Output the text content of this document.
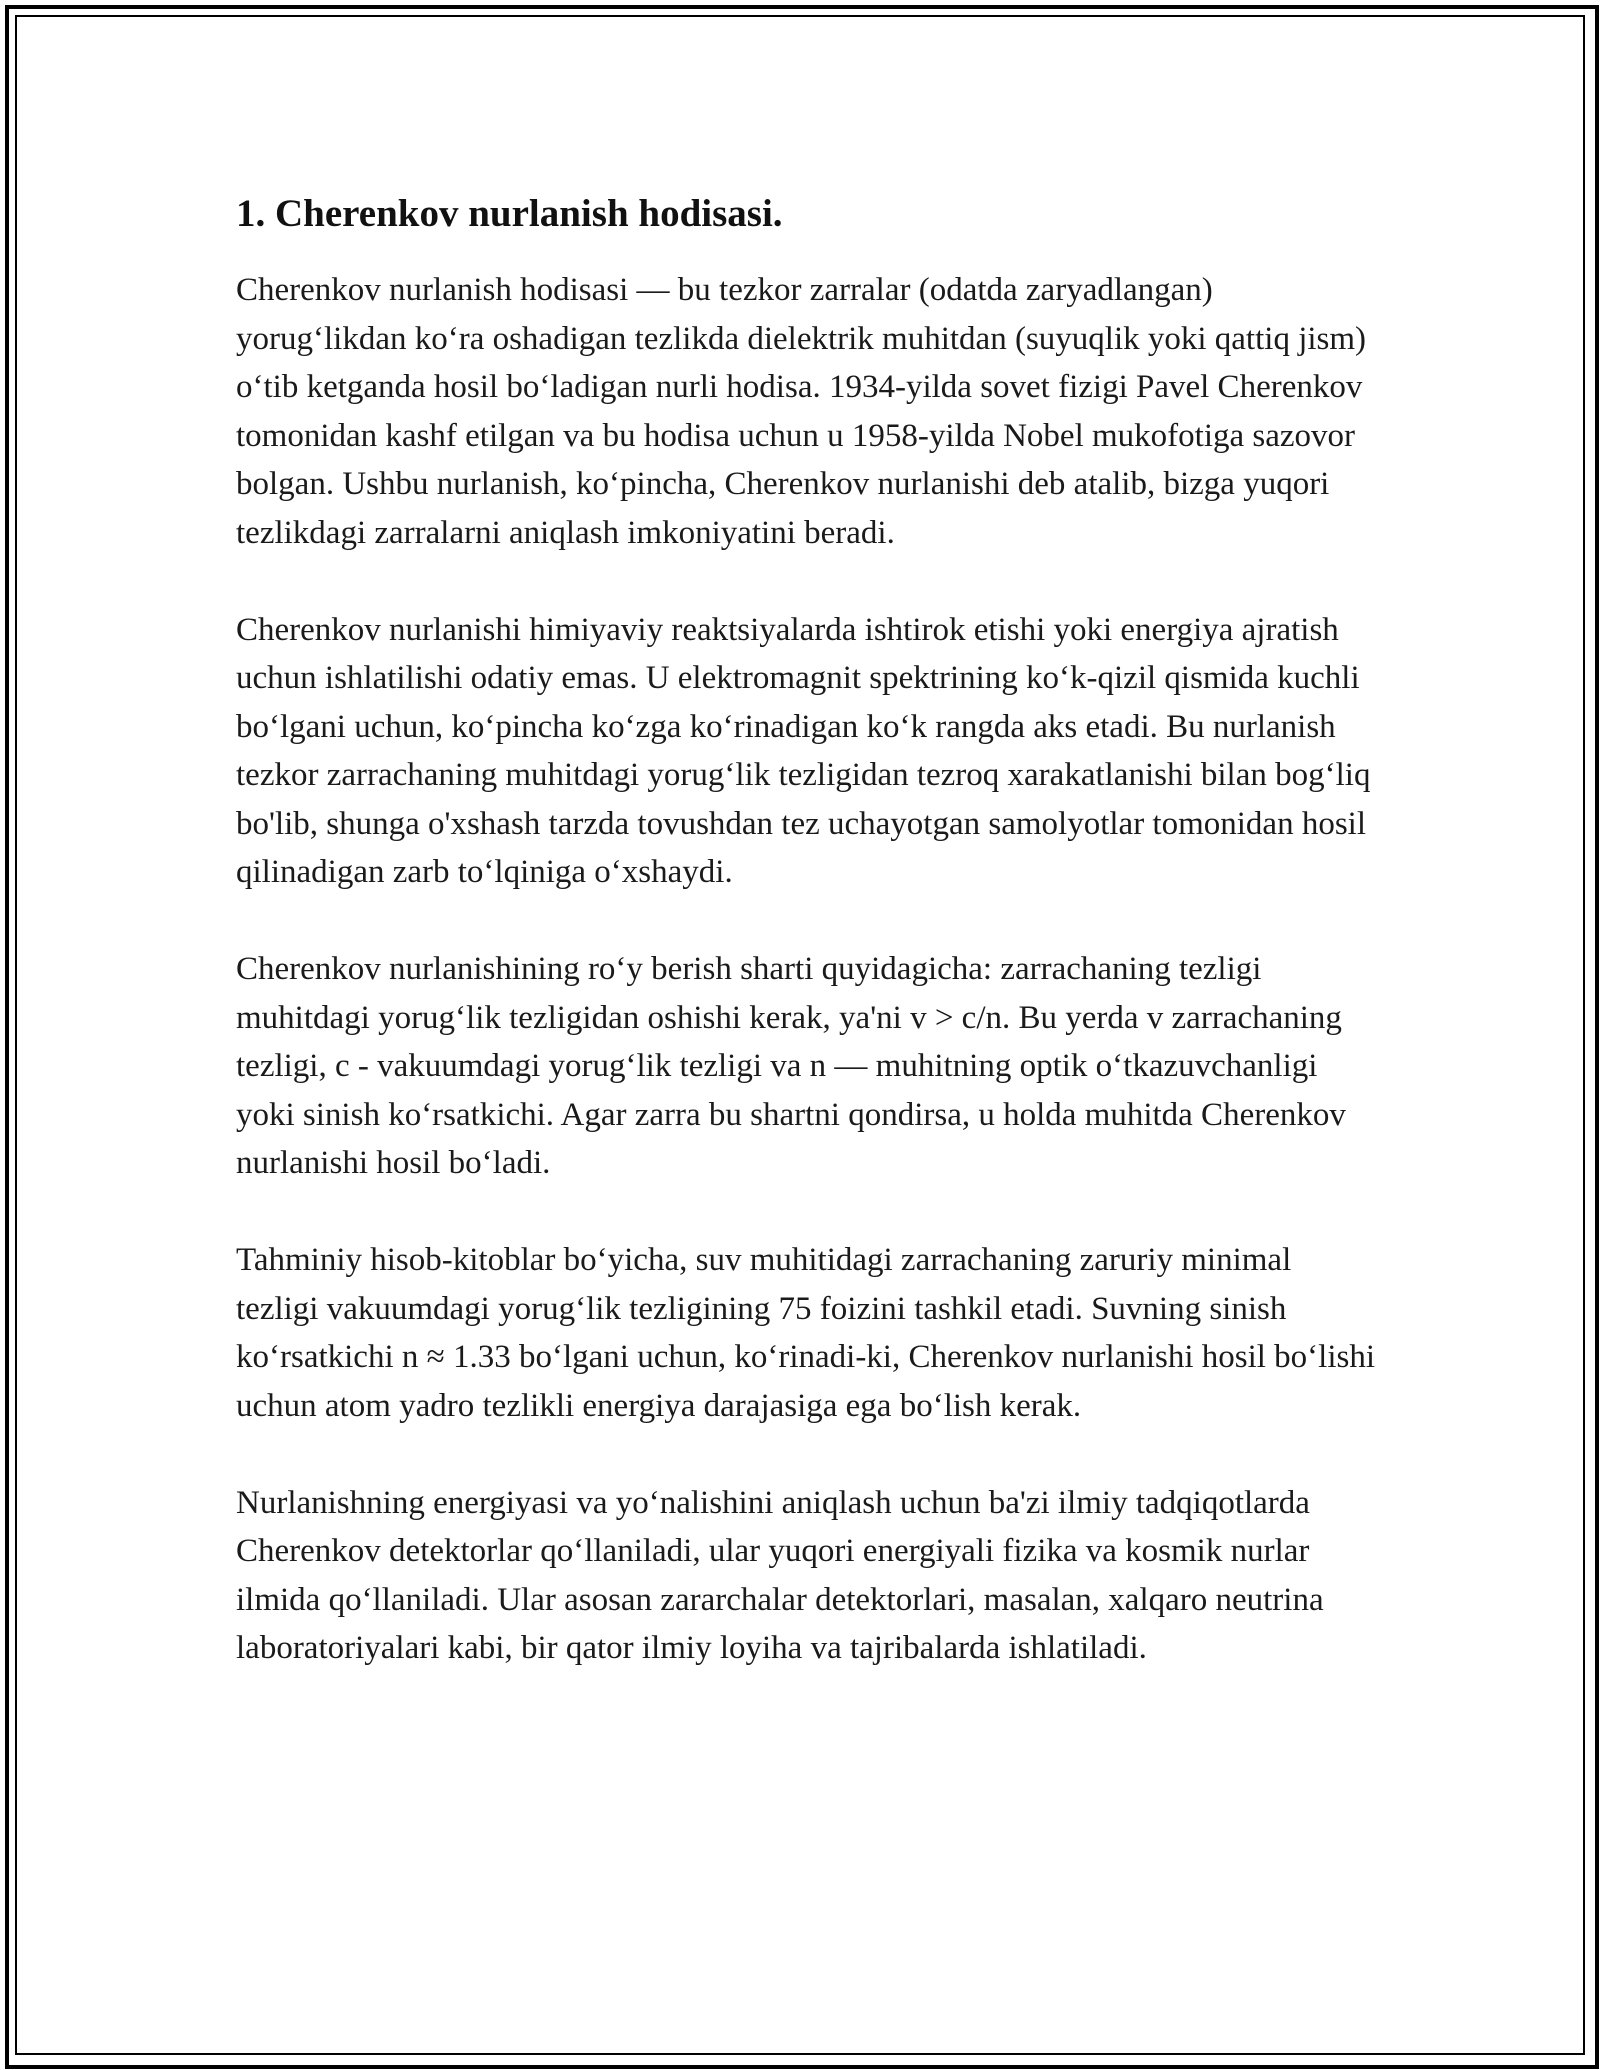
1. Cherenkov nurlanish hodisasi.

Cherenkov nurlanish hodisasi — bu tezkor zarralar (odatda zaryadlangan) yorug‘likdan ko‘ra oshadigan tezlikda dielektrik muhitdan (suyuqlik yoki qattiq jism) o‘tib ketganda hosil bo‘ladigan nurli hodisa. 1934-yilda sovet fizigi Pavel Cherenkov tomonidan kashf etilgan va bu hodisa uchun u 1958-yilda Nobel mukofotiga sazovor bolgan. Ushbu nurlanish, ko‘pincha, Cherenkov nurlanishi deb atalib, bizga yuqori tezlikdagi zarralarni aniqlash imkoniyatini beradi.

Cherenkov nurlanishi himiyaviy reaktsiyalarda ishtirok etishi yoki energiya ajratish uchun ishlatilishi odatiy emas. U elektromagnit spektrining ko‘k-qizil qismida kuchli bo‘lgani uchun, ko‘pincha ko‘zga ko‘rinadigan ko‘k rangda aks etadi. Bu nurlanish tezkor zarrachaning muhitdagi yorug‘lik tezligidan tezroq xarakatlanishi bilan bog‘liq bo'lib, shunga o'xshash tarzda tovushdan tez uchayotgan samolyotlar tomonidan hosil qilinadigan zarb to‘lqiniga o‘xshaydi.

Cherenkov nurlanishining ro‘y berish sharti quyidagicha: zarrachaning tezligi muhitdagi yorug‘lik tezligidan oshishi kerak, ya'ni v > c/n. Bu yerda v zarrachaning tezligi, c - vakuumdagi yorug‘lik tezligi va n — muhitning optik o‘tkazuvchanligi yoki sinish ko‘rsatkichi. Agar zarra bu shartni qondirsa, u holda muhitda Cherenkov nurlanishi hosil bo‘ladi.

Tahminiy hisob-kitoblar bo‘yicha, suv muhitidagi zarrachaning zaruriy minimal tezligi vakuumdagi yorug‘lik tezligining 75 foizini tashkil etadi. Suvning sinish ko‘rsatkichi n ≈ 1.33 bo‘lgani uchun, ko‘rinadi-ki, Cherenkov nurlanishi hosil bo‘lishi uchun atom yadro tezlikli energiya darajasiga ega bo‘lish kerak.

Nurlanishning energiyasi va yo‘nalishini aniqlash uchun ba'zi ilmiy tadqiqotlarda Cherenkov detektorlar qo‘llaniladi, ular yuqori energiyali fizika va kosmik nurlar ilmida qo‘llaniladi. Ular asosan zararchalar detektorlari, masalan, xalqaro neutrina laboratoriyalari kabi, bir qator ilmiy loyiha va tajribalarda ishlatiladi.
